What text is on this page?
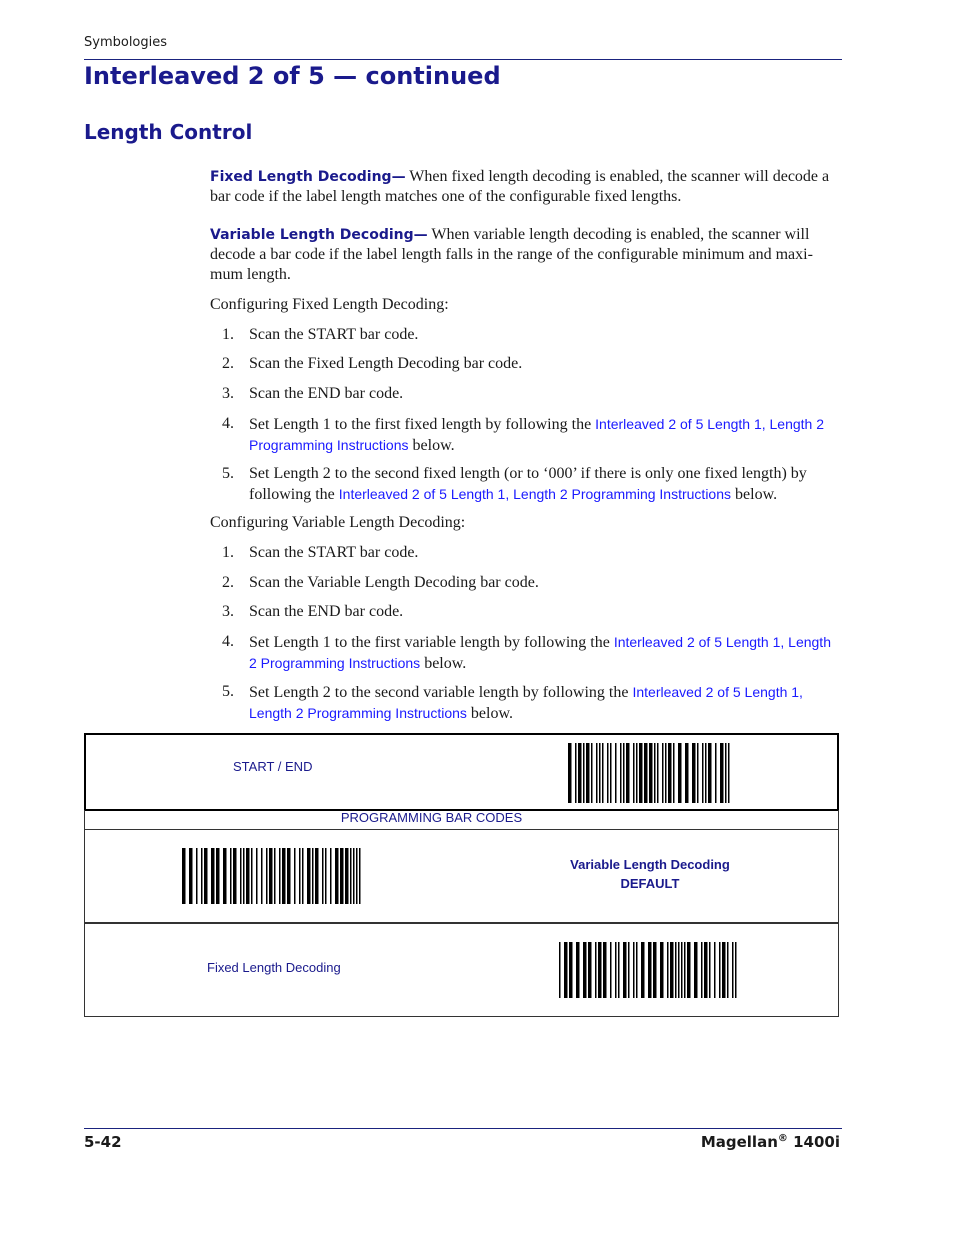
Symbologies
Interleaved 2 of 5 — continued
Length Control
Fixed Length Decoding— When fixed length decoding is enabled, the scanner will decode a bar code if the label length matches one of the configurable fixed lengths.
Variable Length Decoding— When variable length decoding is enabled, the scanner will decode a bar code if the label length falls in the range of the configurable minimum and maxi-mum length.
Configuring Fixed Length Decoding:
1. Scan the START bar code.
2. Scan the Fixed Length Decoding bar code.
3. Scan the END bar code.
4. Set Length 1 to the first fixed length by following the Interleaved 2 of 5 Length 1, Length 2 Programming Instructions below.
5. Set Length 2 to the second fixed length (or to ‘000’ if there is only one fixed length) by following the Interleaved 2 of 5 Length 1, Length 2 Programming Instructions below.
Configuring Variable Length Decoding:
1. Scan the START bar code.
2. Scan the Variable Length Decoding bar code.
3. Scan the END bar code.
4. Set Length 1 to the first variable length by following the Interleaved 2 of 5 Length 1, Length 2 Programming Instructions below.
5. Set Length 2 to the second variable length by following the Interleaved 2 of 5 Length 1, Length 2 Programming Instructions below.
START / END
PROGRAMMING BAR CODES
Variable Length Decoding
DEFAULT
Fixed Length Decoding
5-42	Magellan® 1400i
